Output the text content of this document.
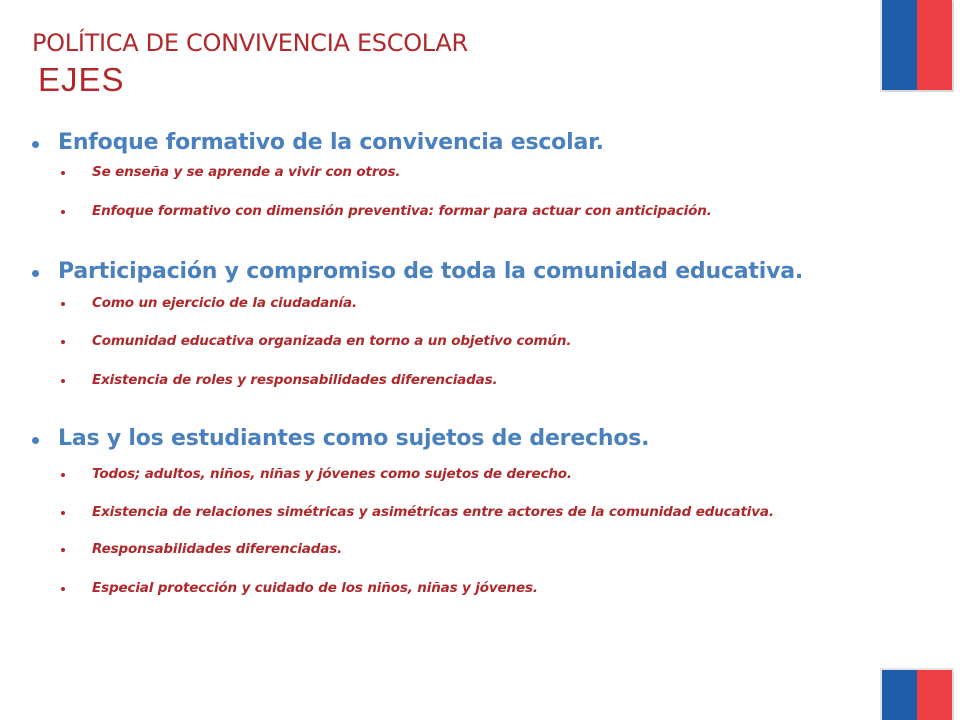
POLÍTICA DE CONVIVENCIA ESCOLAR
EJES
Enfoque formativo de la convivencia escolar.
Se enseña y se aprende a vivir con otros.
Enfoque formativo con dimensión preventiva: formar para actuar con anticipación.
Participación y compromiso de toda la comunidad educativa.
Como un ejercicio de la ciudadanía.
Comunidad educativa organizada en torno a un objetivo común.
Existencia de roles y responsabilidades diferenciadas.
Las y los estudiantes como sujetos de derechos.
Todos; adultos, niños, niñas y jóvenes como sujetos de derecho.
Existencia de relaciones simétricas y asimétricas entre actores de la comunidad educativa.
Responsabilidades diferenciadas.
Especial protección y cuidado de los niños, niñas y jóvenes.
